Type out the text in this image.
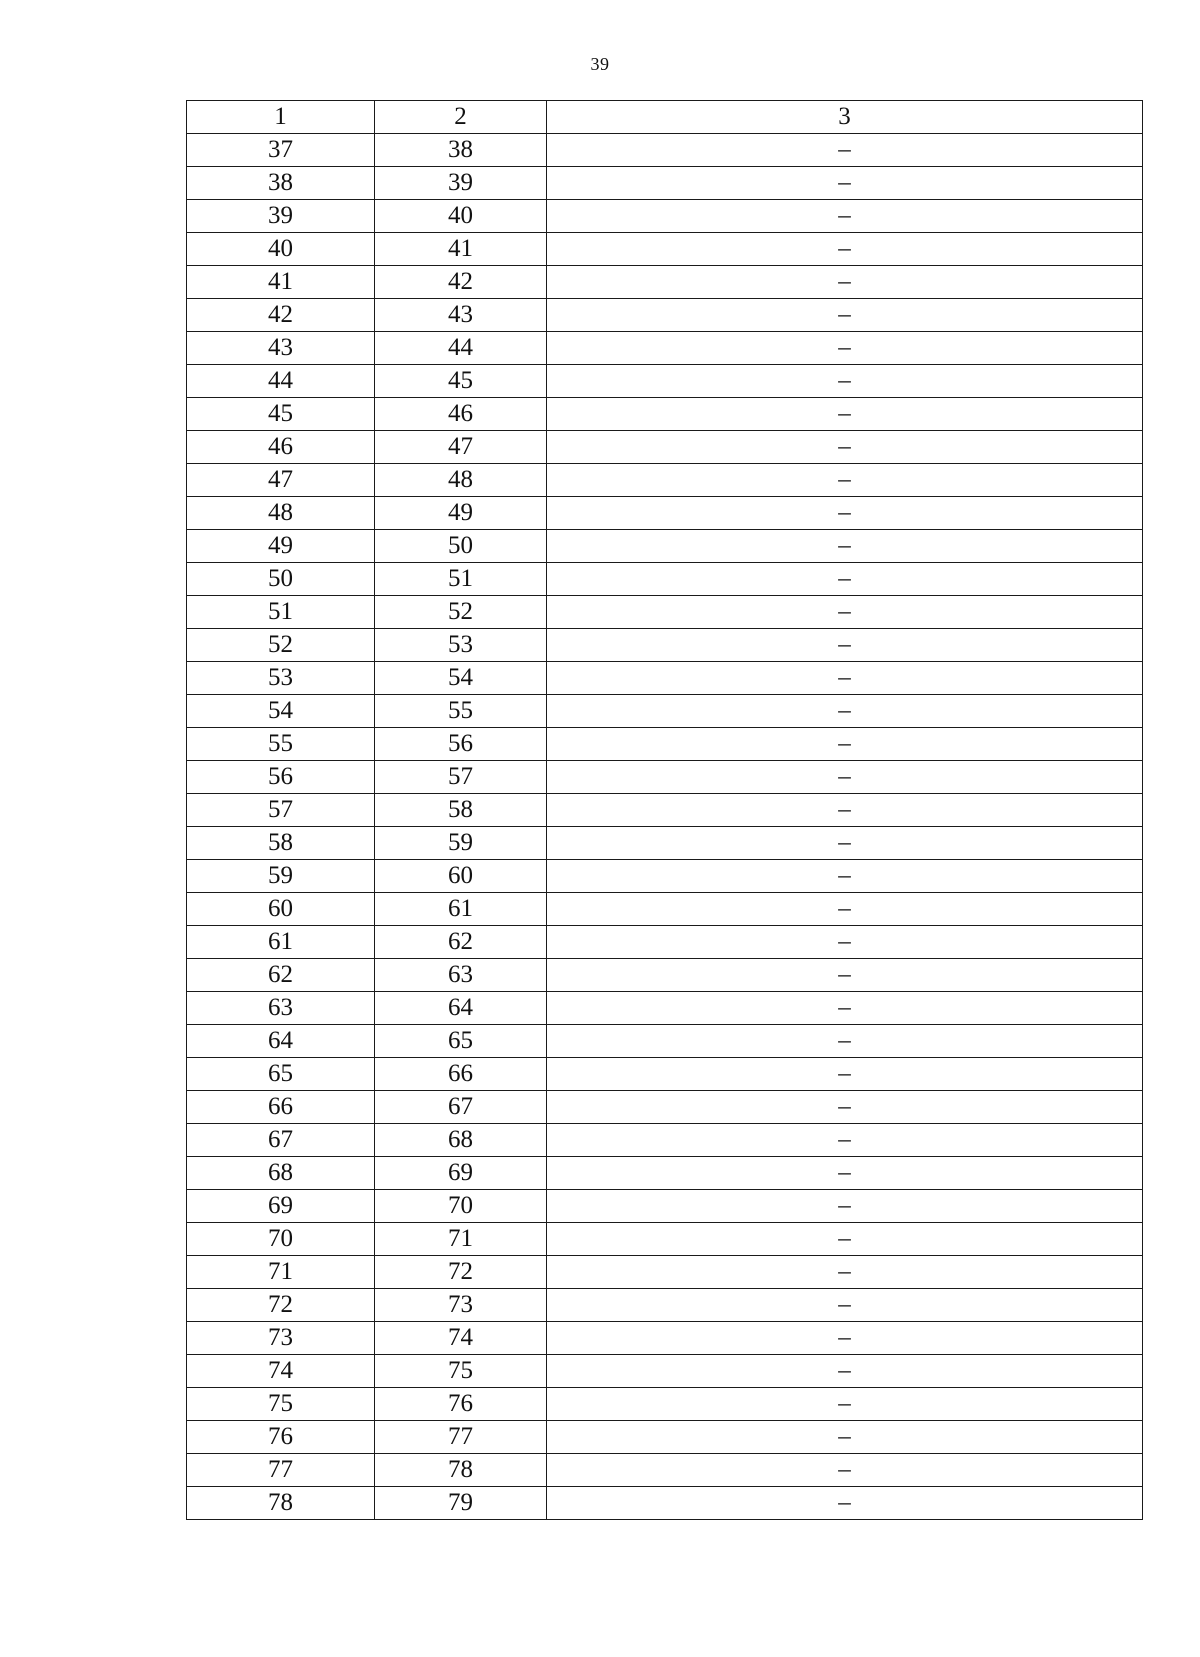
39
1	2	3
37	38	–
38	39	–
39	40	–
40	41	–
41	42	–
42	43	–
43	44	–
44	45	–
45	46	–
46	47	–
47	48	–
48	49	–
49	50	–
50	51	–
51	52	–
52	53	–
53	54	–
54	55	–
55	56	–
56	57	–
57	58	–
58	59	–
59	60	–
60	61	–
61	62	–
62	63	–
63	64	–
64	65	–
65	66	–
66	67	–
67	68	–
68	69	–
69	70	–
70	71	–
71	72	–
72	73	–
73	74	–
74	75	–
75	76	–
76	77	–
77	78	–
78	79	–
